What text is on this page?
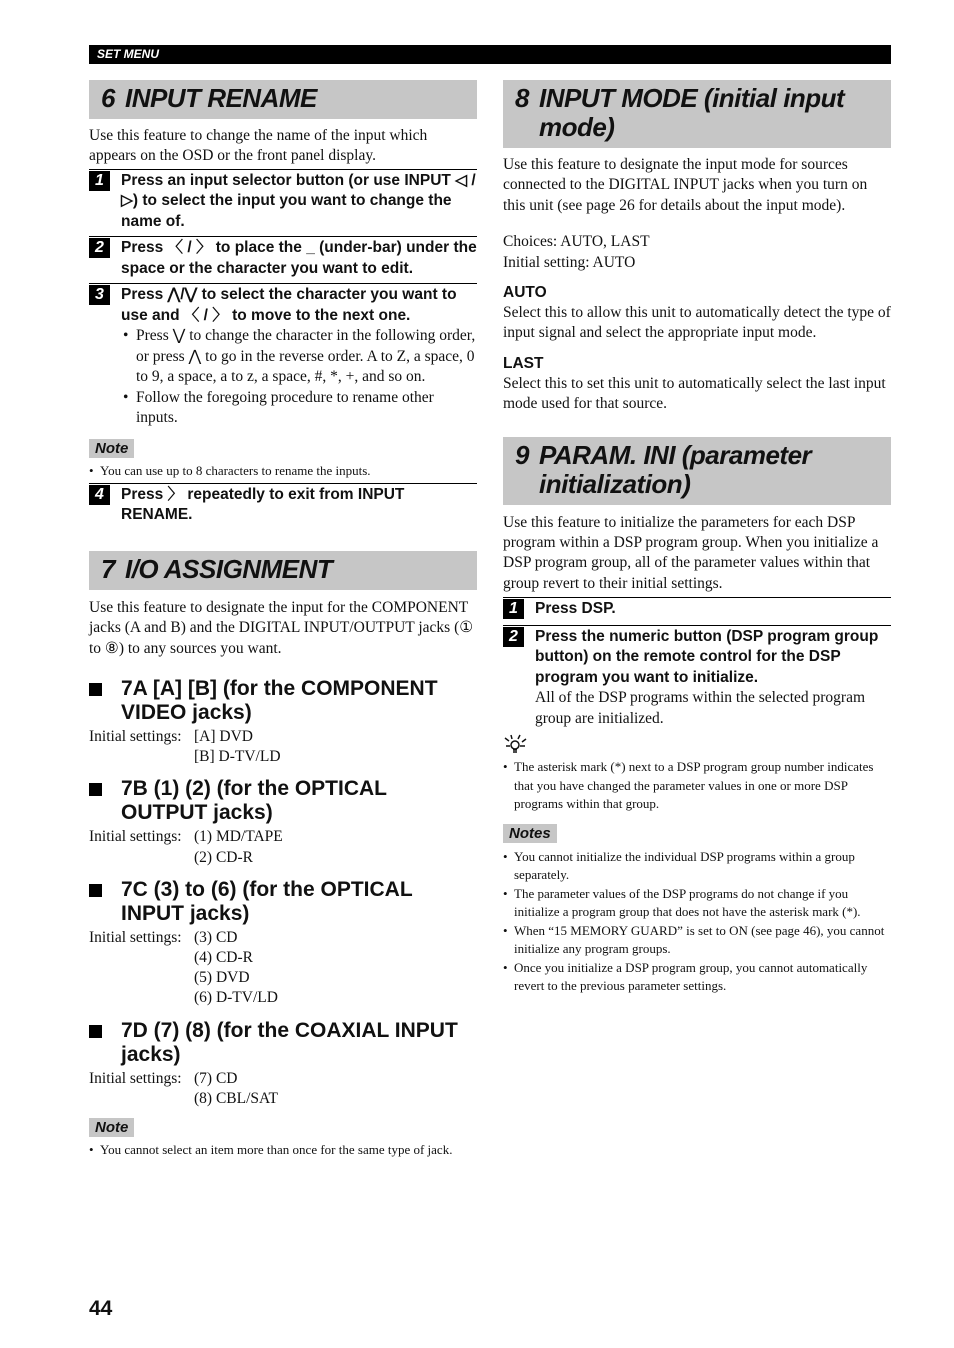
SET MENU
6 INPUT RENAME

Use this feature to change the name of the input which appears on the OSD or the front panel display.

1	Press an input selector button (or use INPUT ◁ / ▷) to select the input you want to change the name of.
2	Press 〈 / 〉 to place the _ (under-bar) under the space or the character you want to edit.
3	Press ⋀/⋁ to select the character you want to use and 〈 / 〉 to move to the next one.
• Press ⋁ to change the character in the following order, or press ⋀ to go in the reverse order. A to Z, a space, 0 to 9, a space, a to z, a space, #, *, +, and so on.
• Follow the foregoing procedure to rename other inputs.
Note
• You can use up to 8 characters to rename the inputs.
4	Press 〉 repeatedly to exit from INPUT RENAME.
7 I/O ASSIGNMENT

Use this feature to designate the input for the COMPONENT jacks (A and B) and the DIGITAL INPUT/OUTPUT jacks (① to ⑧) to any sources you want.

7A [A] [B] (for the COMPONENT VIDEO jacks)
Initial settings: [A] DVD
[B] D-TV/LD
7B (1) (2) (for the OPTICAL OUTPUT jacks)
Initial settings: (1) MD/TAPE
(2) CD-R
7C (3) to (6) (for the OPTICAL INPUT jacks)
Initial settings: (3) CD
(4) CD-R
(5) DVD
(6) D-TV/LD
7D (7) (8) (for the COAXIAL INPUT jacks)
Initial settings: (7) CD
(8) CBL/SAT
Note
• You cannot select an item more than once for the same type of jack.
8 INPUT MODE (initial input mode)

Use this feature to designate the input mode for sources connected to the DIGITAL INPUT jacks when you turn on this unit (see page 26 for details about the input mode).

Choices: AUTO, LAST

Initial setting: AUTO

AUTO

Select this to allow this unit to automatically detect the type of input signal and select the appropriate input mode.

LAST

Select this to set this unit to automatically select the last input mode used for that source.

9 PARAM. INI (parameter initialization)

Use this feature to initialize the parameters for each DSP program within a DSP program group. When you initialize a DSP program group, all of the parameter values within that group revert to their initial settings.

1	Press DSP.
2	Press the numeric button (DSP program group button) on the remote control for the DSP program you want to initialize.

All of the DSP programs within the selected program group are initialized.

• The asterisk mark (*) next to a DSP program group number indicates that you have changed the parameter values in one or more DSP programs within that group.
Notes
• You cannot initialize the individual DSP programs within a group separately.
• The parameter values of the DSP programs do not change if you initialize a program group that does not have the asterisk mark (*).
• When “15 MEMORY GUARD” is set to ON (see page 46), you cannot initialize any program groups.
• Once you initialize a DSP program group, you cannot automatically revert to the previous parameter settings.
44
